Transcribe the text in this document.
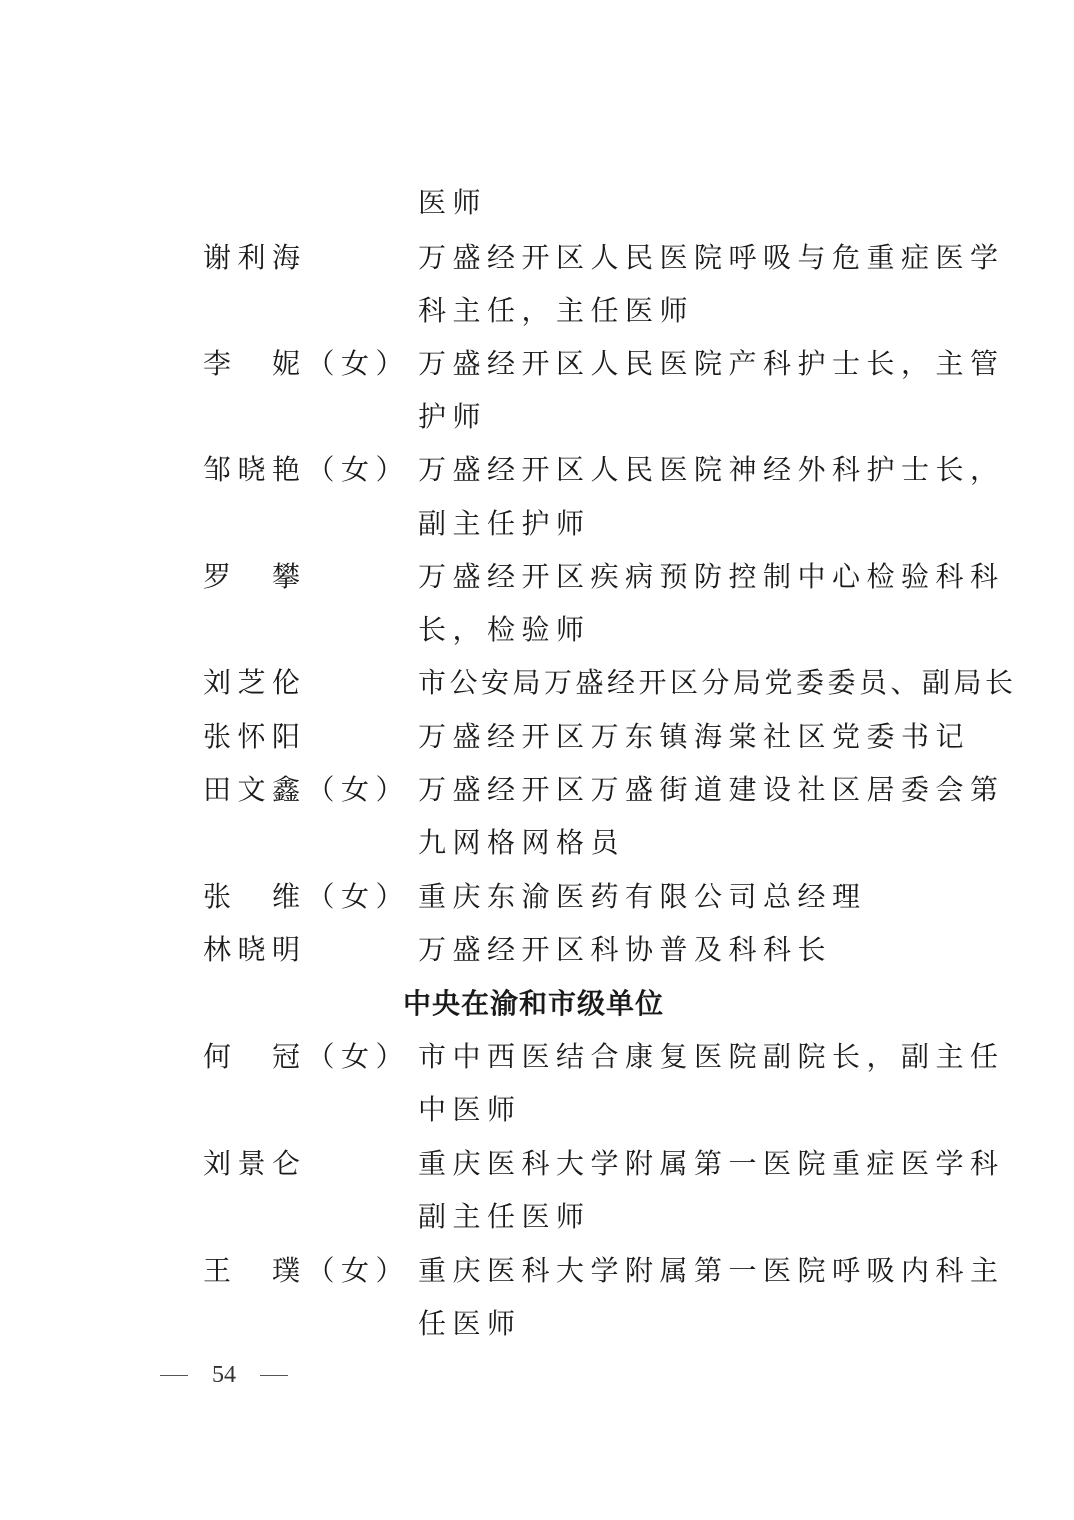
医师
谢利海	万盛经开区人民医院呼吸与危重症医学
科主任，主任医师
李　妮（女） 万盛经开区人民医院产科护士长，主管
护师
邹晓艳（女） 万盛经开区人民医院神经外科护士长，
副主任护师
罗　攀	万盛经开区疾病预防控制中心检验科科
长，检验师
刘芝伦	市公安局万盛经开区分局党委委员、副局长
张怀阳	万盛经开区万东镇海棠社区党委书记
田文鑫（女） 万盛经开区万盛街道建设社区居委会第
九网格网格员
张　维（女） 重庆东渝医药有限公司总经理
林晓明	万盛经开区科协普及科科长
中央在渝和市级单位
何　冠（女） 市中西医结合康复医院副院长，副主任
中医师
刘景仑	重庆医科大学附属第一医院重症医学科
副主任医师
王　璞（女） 重庆医科大学附属第一医院呼吸内科主
任医师
54
